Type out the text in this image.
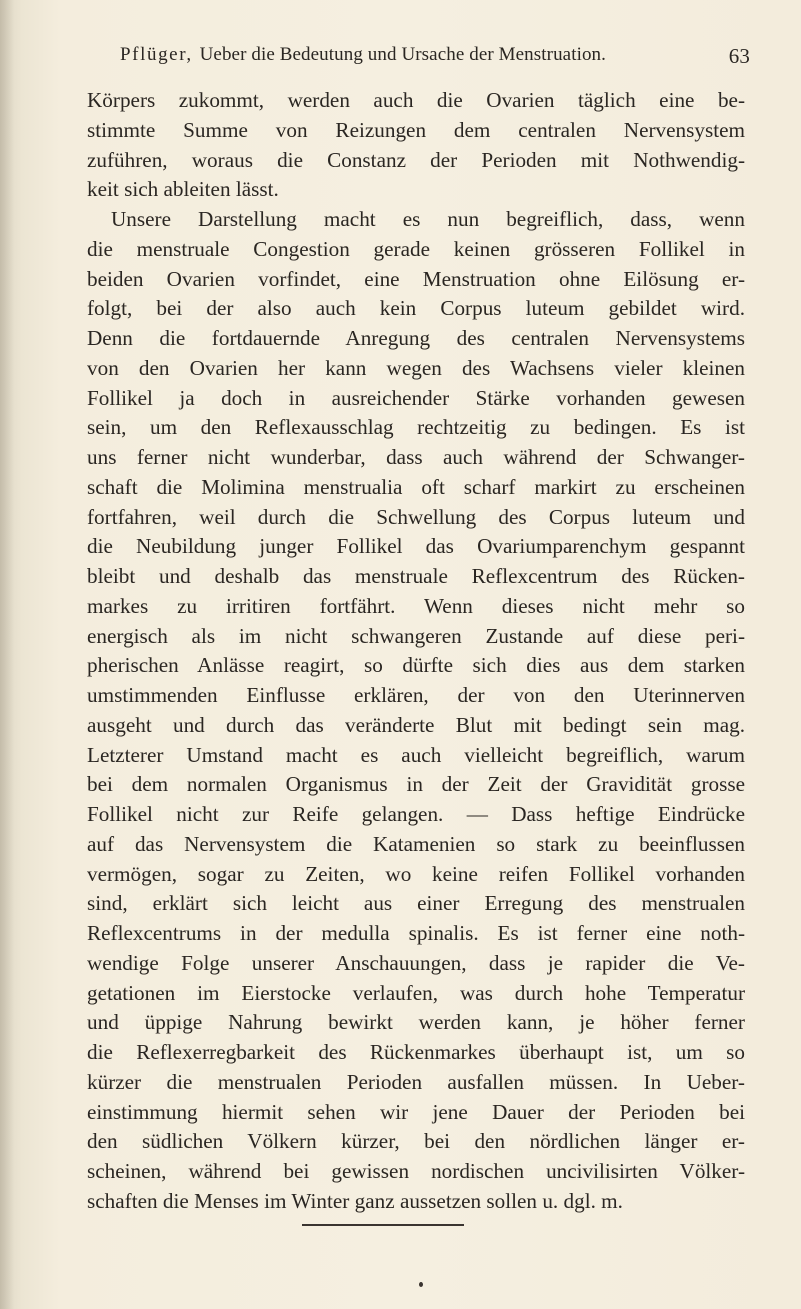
Pflüger, Ueber die Bedeutung und Ursache der Menstruation.	63
Körpers zukommt, werden auch die Ovarien täglich eine be-
stimmte Summe von Reizungen dem centralen Nervensystem
zuführen, woraus die Constanz der Perioden mit Nothwendig-
keit sich ableiten lässt.
Unsere Darstellung macht es nun begreiflich, dass, wenn
die menstruale Congestion gerade keinen grösseren Follikel in
beiden Ovarien vorfindet, eine Menstruation ohne Eilösung er-
folgt, bei der also auch kein Corpus luteum gebildet wird.
Denn die fortdauernde Anregung des centralen Nervensystems
von den Ovarien her kann wegen des Wachsens vieler kleinen
Follikel ja doch in ausreichender Stärke vorhanden gewesen
sein, um den Reflexausschlag rechtzeitig zu bedingen. Es ist
uns ferner nicht wunderbar, dass auch während der Schwanger-
schaft die Molimina menstrualia oft scharf markirt zu erscheinen
fortfahren, weil durch die Schwellung des Corpus luteum und
die Neubildung junger Follikel das Ovariumparenchym gespannt
bleibt und deshalb das menstruale Reflexcentrum des Rücken-
markes zu irritiren fortfährt. Wenn dieses nicht mehr so
energisch als im nicht schwangeren Zustande auf diese peri-
pherischen Anlässe reagirt, so dürfte sich dies aus dem starken
umstimmenden Einflusse erklären, der von den Uterinnerven
ausgeht und durch das veränderte Blut mit bedingt sein mag.
Letzterer Umstand macht es auch vielleicht begreiflich, warum
bei dem normalen Organismus in der Zeit der Gravidität grosse
Follikel nicht zur Reife gelangen. — Dass heftige Eindrücke
auf das Nervensystem die Katamenien so stark zu beeinflussen
vermögen, sogar zu Zeiten, wo keine reifen Follikel vorhanden
sind, erklärt sich leicht aus einer Erregung des menstrualen
Reflexcentrums in der medulla spinalis. Es ist ferner eine noth-
wendige Folge unserer Anschauungen, dass je rapider die Ve-
getationen im Eierstocke verlaufen, was durch hohe Temperatur
und üppige Nahrung bewirkt werden kann, je höher ferner
die Reflexerregbarkeit des Rückenmarkes überhaupt ist, um so
kürzer die menstrualen Perioden ausfallen müssen. In Ueber-
einstimmung hiermit sehen wir jene Dauer der Perioden bei
den südlichen Völkern kürzer, bei den nördlichen länger er-
scheinen, während bei gewissen nordischen uncivilisirten Völker-
schaften die Menses im Winter ganz aussetzen sollen u. dgl. m.
